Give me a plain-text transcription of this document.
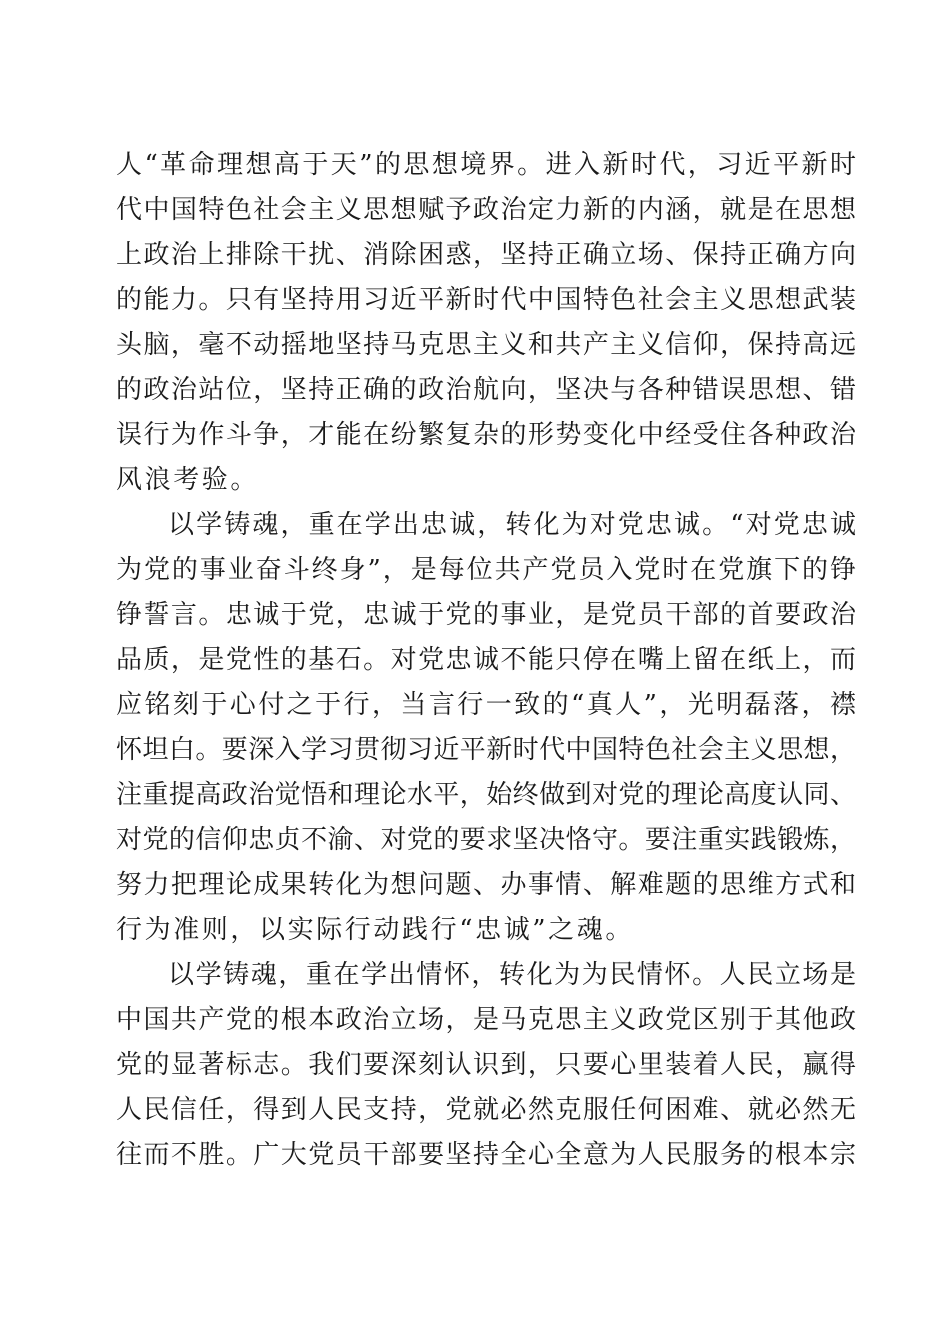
人“革命理想高于天”的思想境界。进入新时代，习近平新时
代中国特色社会主义思想赋予政治定力新的内涵，就是在思想
上政治上排除干扰、消除困惑，坚持正确立场、保持正确方向
的能力。只有坚持用习近平新时代中国特色社会主义思想武装
头脑，毫不动摇地坚持马克思主义和共产主义信仰，保持高远
的政治站位，坚持正确的政治航向，坚决与各种错误思想、错
误行为作斗争，才能在纷繁复杂的形势变化中经受住各种政治
风浪考验。
以学铸魂，重在学出忠诚，转化为对党忠诚。“对党忠诚
为党的事业奋斗终身”，是每位共产党员入党时在党旗下的铮
铮誓言。忠诚于党，忠诚于党的事业，是党员干部的首要政治
品质，是党性的基石。对党忠诚不能只停在嘴上留在纸上，而
应铭刻于心付之于行，当言行一致的“真人”，光明磊落，襟
怀坦白。要深入学习贯彻习近平新时代中国特色社会主义思想，
注重提高政治觉悟和理论水平，始终做到对党的理论高度认同、
对党的信仰忠贞不渝、对党的要求坚决恪守。要注重实践锻炼，
努力把理论成果转化为想问题、办事情、解难题的思维方式和
行为准则，以实际行动践行“忠诚”之魂。
以学铸魂，重在学出情怀，转化为为民情怀。人民立场是
中国共产党的根本政治立场，是马克思主义政党区别于其他政
党的显著标志。我们要深刻认识到，只要心里装着人民，赢得
人民信任，得到人民支持，党就必然克服任何困难、就必然无
往而不胜。广大党员干部要坚持全心全意为人民服务的根本宗
